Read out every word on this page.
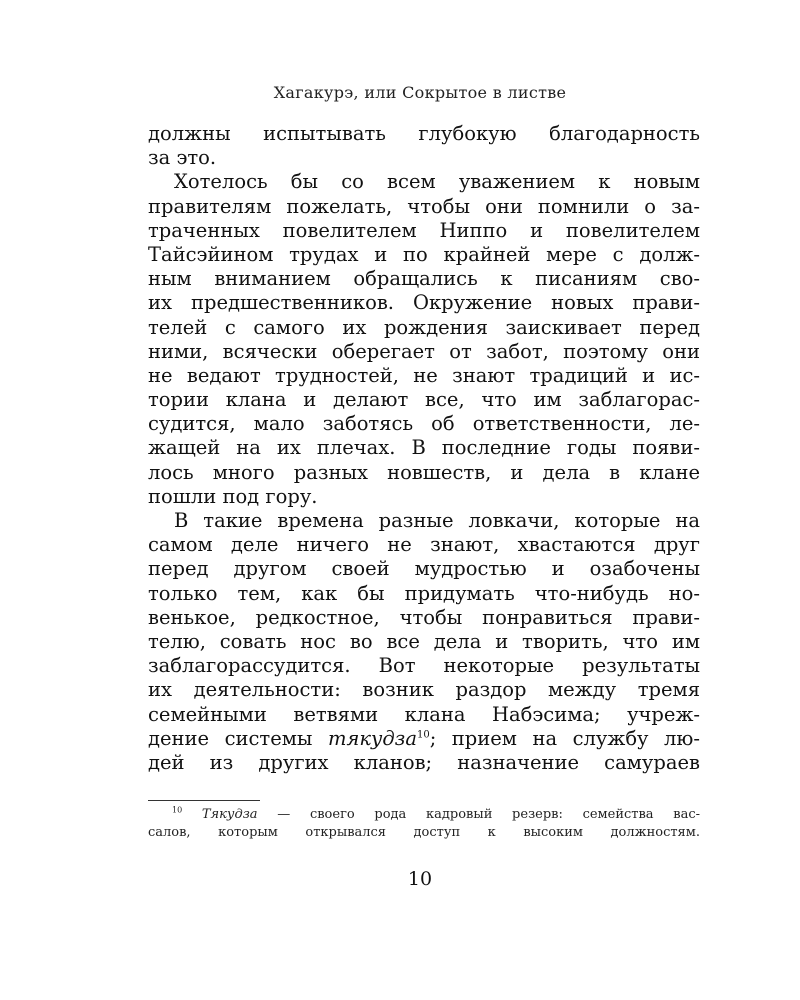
Хагакурэ, или Сокрытое в листве
должны испытывать глубокую благодарность
за это.
Хотелось бы со всем уважением к новым
правителям пожелать, чтобы они помнили о за-
траченных повелителем Ниппо и повелителем
Тайсэйином трудах и по крайней мере с долж-
ным вниманием обращались к писаниям сво-
их предшественников. Окружение новых прави-
телей с самого их рождения заискивает перед
ними, всячески оберегает от забот, поэтому они
не ведают трудностей, не знают традиций и ис-
тории клана и делают все, что им заблагорас-
судится, мало заботясь об ответственности, ле-
жащей на их плечах. В последние годы появи-
лось много разных новшеств, и дела в клане
пошли под гору.
В такие времена разные ловкачи, которые на
самом деле ничего не знают, хвастаются друг
перед другом своей мудростью и озабочены
только тем, как бы придумать что-нибудь но-
венькое, редкостное, чтобы понравиться прави-
телю, совать нос во все дела и творить, что им
заблагорассудится. Вот некоторые результаты
их деятельности: возник раздор между тремя
семейными ветвями клана Набэсима; учреж-
дение системы тякудза$^{10}$; прием на службу лю-
дей из других кланов; назначение самураев
$^{10}$ Тякудза — своего рода кадровый резерв: семейства вас-
салов, которым открывался доступ к высоким должностям.
10
